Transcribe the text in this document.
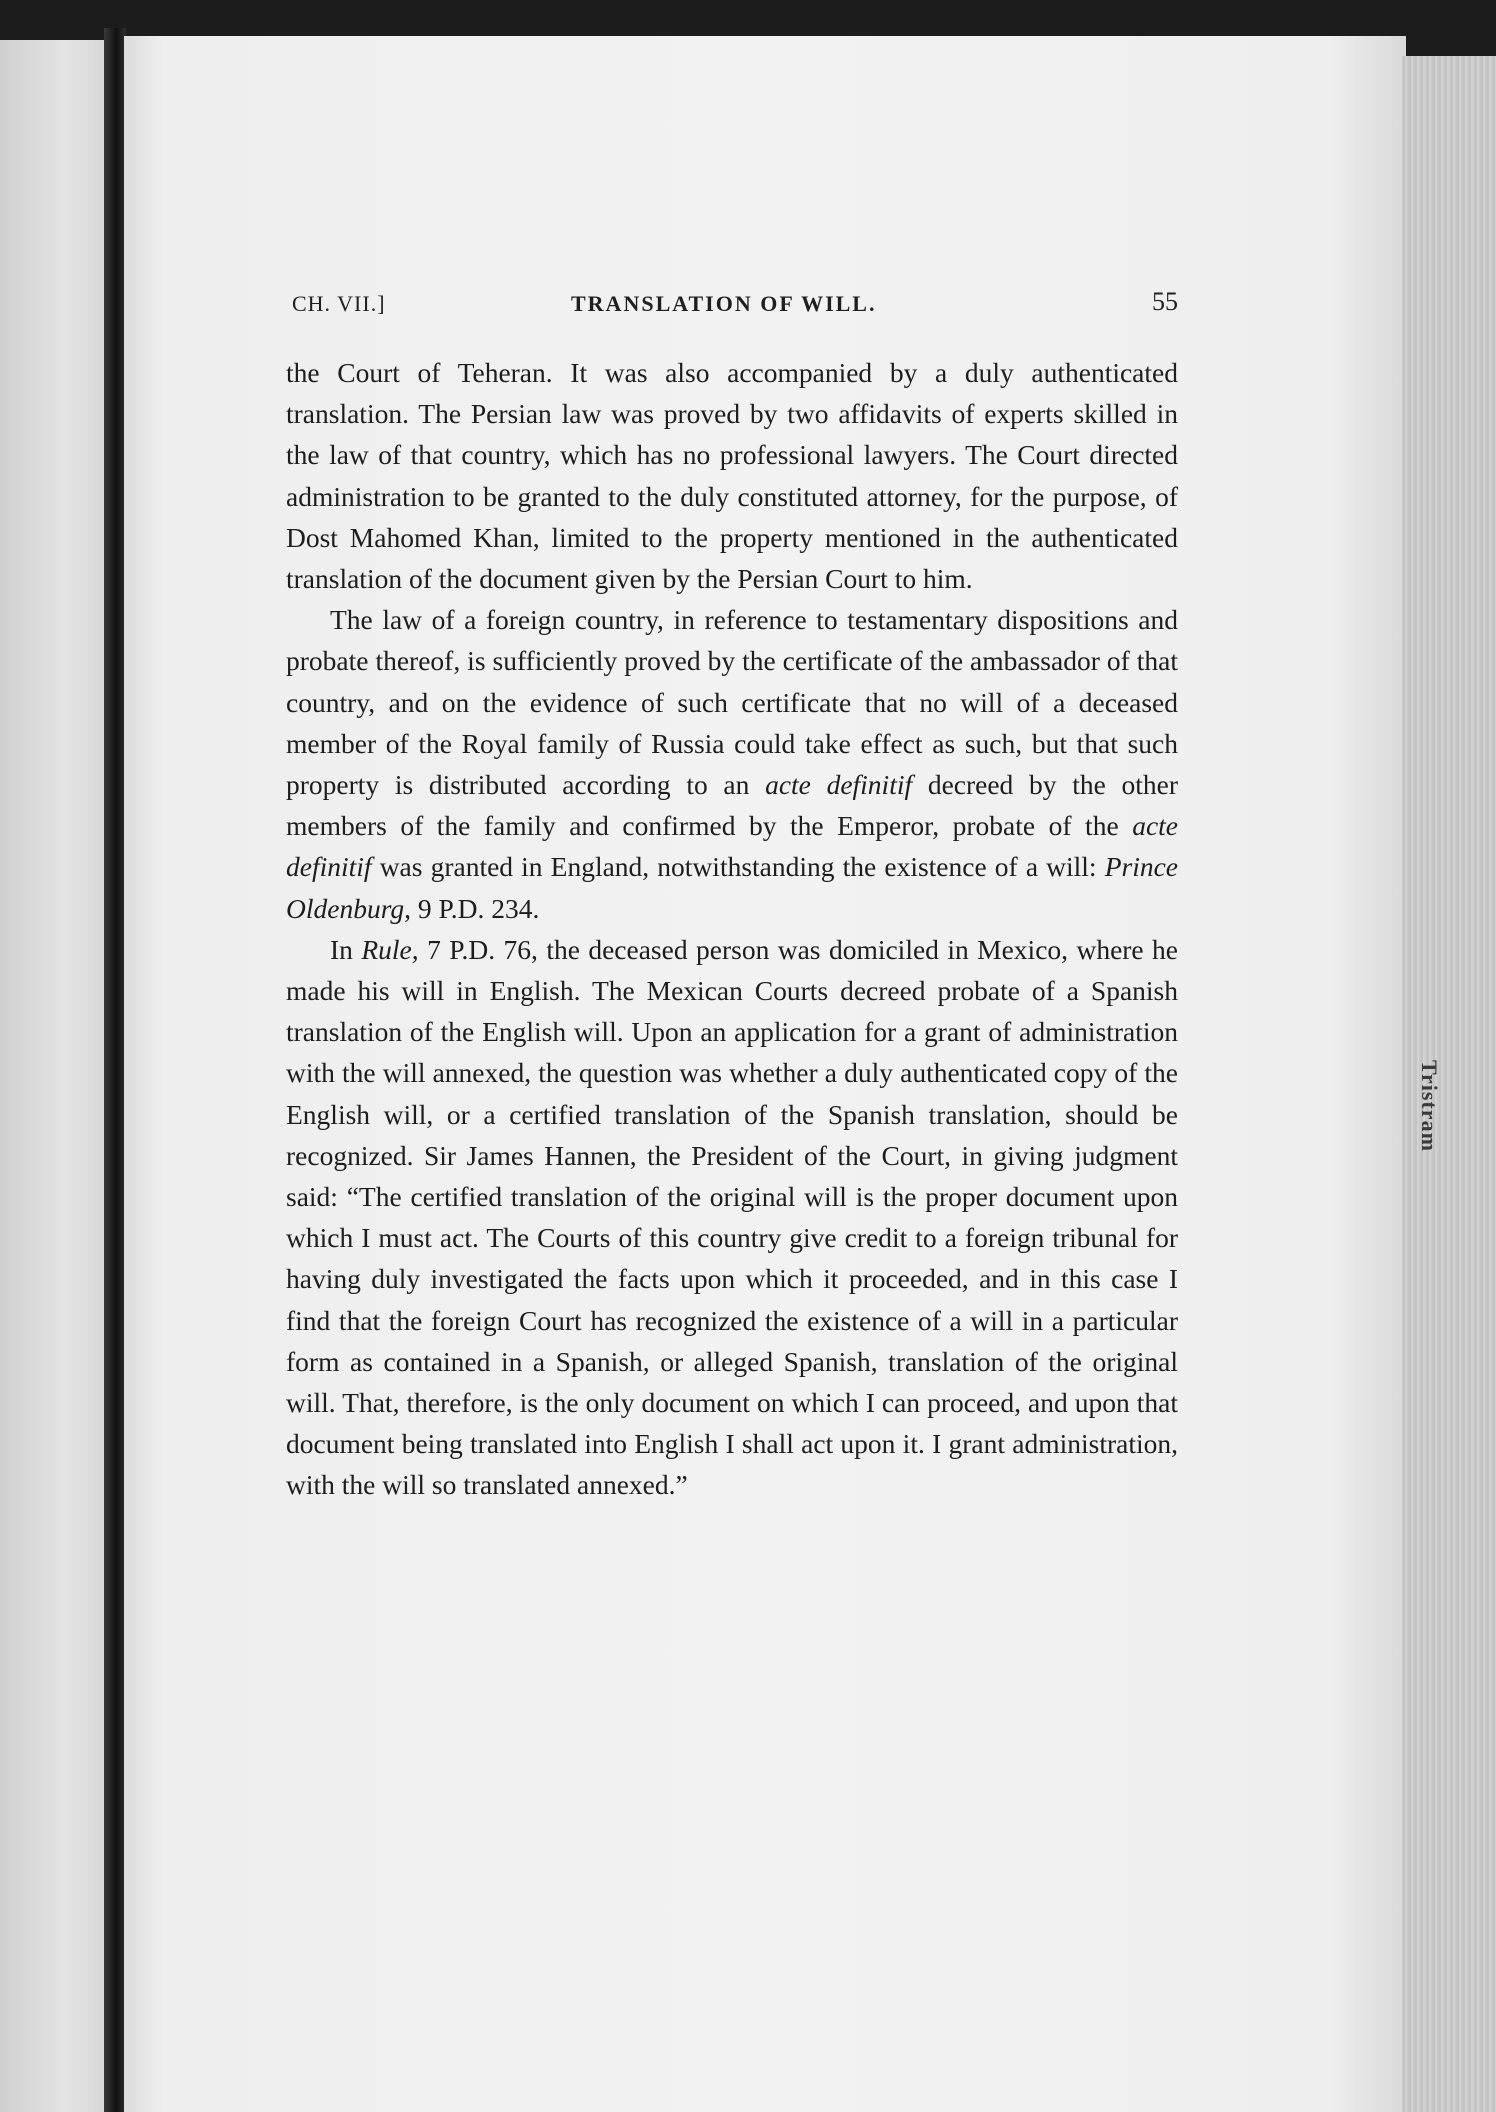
Tristram
CH. VII.]	TRANSLATION OF WILL.	55

the Court of Teheran. It was also accompanied by a duly authenticated translation. The Persian law was proved by two affidavits of experts skilled in the law of that country, which has no professional lawyers. The Court directed administration to be granted to the duly constituted attorney, for the purpose, of Dost Mahomed Khan, limited to the property mentioned in the authenticated translation of the document given by the Persian Court to him.

The law of a foreign country, in reference to testamentary dispositions and probate thereof, is sufficiently proved by the certificate of the ambassador of that country, and on the evidence of such certificate that no will of a deceased member of the Royal family of Russia could take effect as such, but that such property is distributed according to an acte definitif decreed by the other members of the family and confirmed by the Emperor, probate of the acte definitif was granted in England, notwithstanding the existence of a will: Prince Oldenburg, 9 P.D. 234.

In Rule, 7 P.D. 76, the deceased person was domiciled in Mexico, where he made his will in English. The Mexican Courts decreed probate of a Spanish translation of the English will. Upon an application for a grant of administration with the will annexed, the question was whether a duly authenticated copy of the English will, or a certified translation of the Spanish translation, should be recognized. Sir James Hannen, the President of the Court, in giving judgment said: “The certified translation of the original will is the proper document upon which I must act. The Courts of this country give credit to a foreign tribunal for having duly investigated the facts upon which it proceeded, and in this case I find that the foreign Court has recognized the existence of a will in a particular form as contained in a Spanish, or alleged Spanish, translation of the original will. That, therefore, is the only document on which I can proceed, and upon that document being translated into English I shall act upon it. I grant administration, with the will so translated annexed.”
